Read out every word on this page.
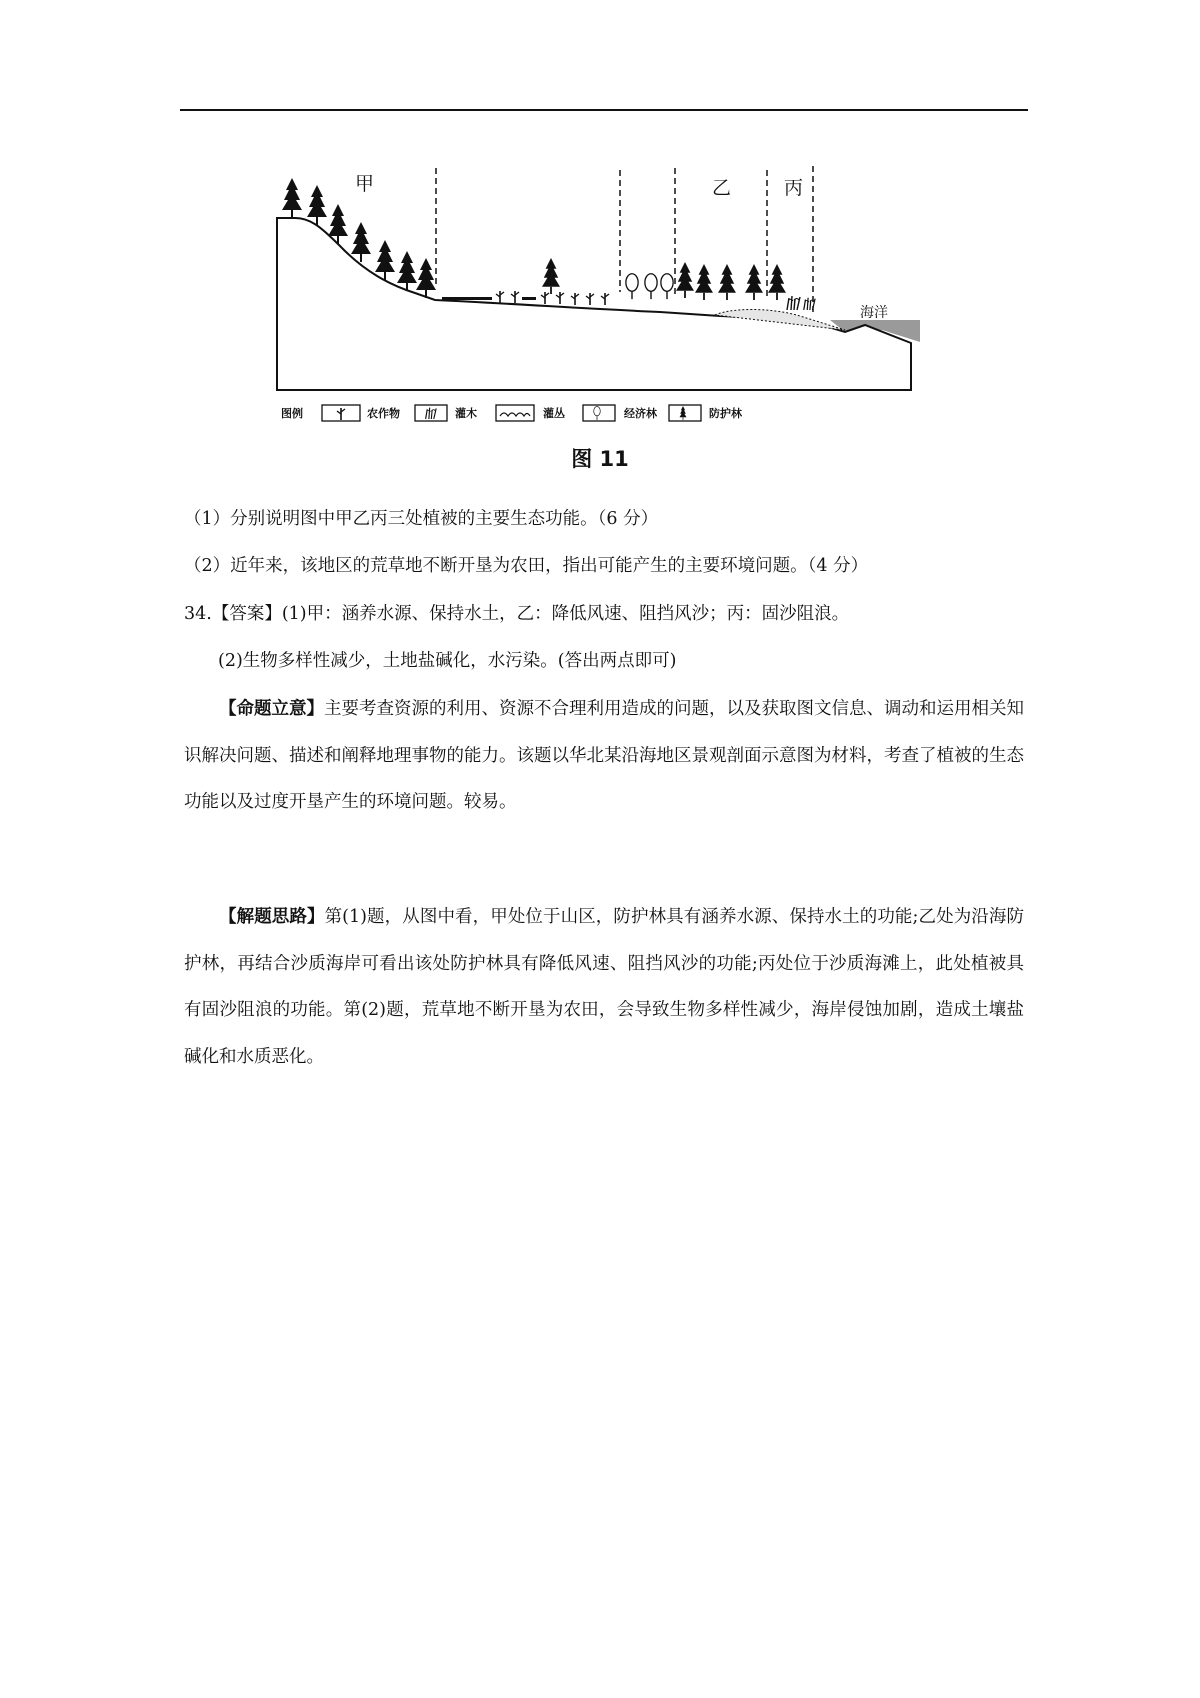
甲	乙	丙
海洋
图例	农作物	灌木	灌丛	经济林	防护林
图 11
（1）分别说明图中甲乙丙三处植被的主要生态功能。（6 分）
（2）近年来，该地区的荒草地不断开垦为农田，指出可能产生的主要环境问题。（4 分）
34.【答案】(1)甲：涵养水源、保持水土，乙：降低风速、阻挡风沙；丙：固沙阻浪。
(2)生物多样性减少，土地盐碱化，水污染。(答出两点即可)
【命题立意】主要考查资源的利用、资源不合理利用造成的问题，以及获取图文信息、调动和运用相关知识解决问题、描述和阐释地理事物的能力。该题以华北某沿海地区景观剖面示意图为材料，考查了植被的生态功能以及过度开垦产生的环境问题。较易。
【解题思路】第(1)题，从图中看，甲处位于山区，防护林具有涵养水源、保持水土的功能;乙处为沿海防护林，再结合沙质海岸可看出该处防护林具有降低风速、阻挡风沙的功能;丙处位于沙质海滩上，此处植被具有固沙阻浪的功能。第(2)题，荒草地不断开垦为农田，会导致生物多样性减少，海岸侵蚀加剧，造成土壤盐碱化和水质恶化。
